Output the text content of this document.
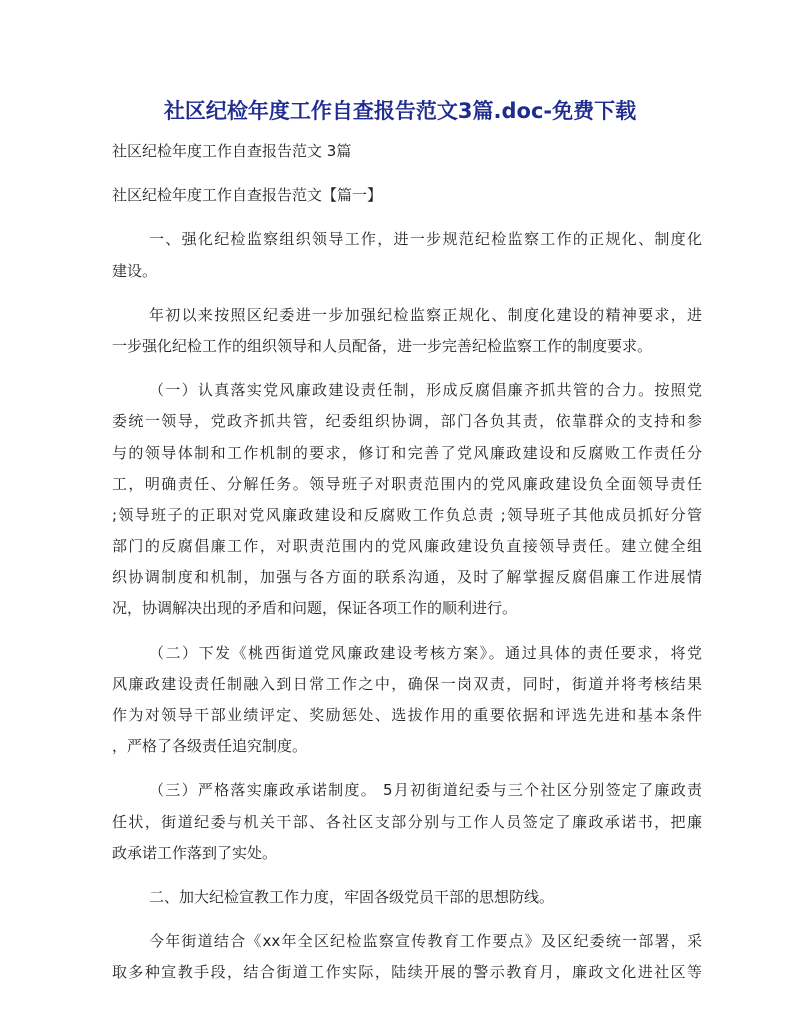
社区纪检年度工作自查报告范文3篇.doc-免费下载
社区纪检年度工作自查报告范文 3篇
社区纪检年度工作自查报告范文【篇一】
一、强化纪检监察组织领导工作，进一步规范纪检监察工作的正规化、制度化
建设。
年初以来按照区纪委进一步加强纪检监察正规化、制度化建设的精神要求，进
一步强化纪检工作的组织领导和人员配备，进一步完善纪检监察工作的制度要求。
（一）认真落实党风廉政建设责任制，形成反腐倡廉齐抓共管的合力。按照党
委统一领导，党政齐抓共管，纪委组织协调，部门各负其责，依靠群众的支持和参
与的领导体制和工作机制的要求，修订和完善了党风廉政建设和反腐败工作责任分
工，明确责任、分解任务。领导班子对职责范围内的党风廉政建设负全面领导责任
;领导班子的正职对党风廉政建设和反腐败工作负总责 ;领导班子其他成员抓好分管
部门的反腐倡廉工作，对职责范围内的党风廉政建设负直接领导责任。建立健全组
织协调制度和机制，加强与各方面的联系沟通，及时了解掌握反腐倡廉工作进展情
况，协调解决出现的矛盾和问题，保证各项工作的顺利进行。
（二）下发《桃西街道党风廉政建设考核方案》。通过具体的责任要求，将党
风廉政建设责任制融入到日常工作之中，确保一岗双责，同时，街道并将考核结果
作为对领导干部业绩评定、奖励惩处、选拔作用的重要依据和评选先进和基本条件
，严格了各级责任追究制度。
（三）严格落实廉政承诺制度。 5月初街道纪委与三个社区分别签定了廉政责
任状，街道纪委与机关干部、各社区支部分别与工作人员签定了廉政承诺书，把廉
政承诺工作落到了实处。
二、加大纪检宣教工作力度，牢固各级党员干部的思想防线。
今年街道结合《xx年全区纪检监察宣传教育工作要点》及区纪委统一部署，采
取多种宣教手段，结合街道工作实际，陆续开展的警示教育月，廉政文化进社区等
